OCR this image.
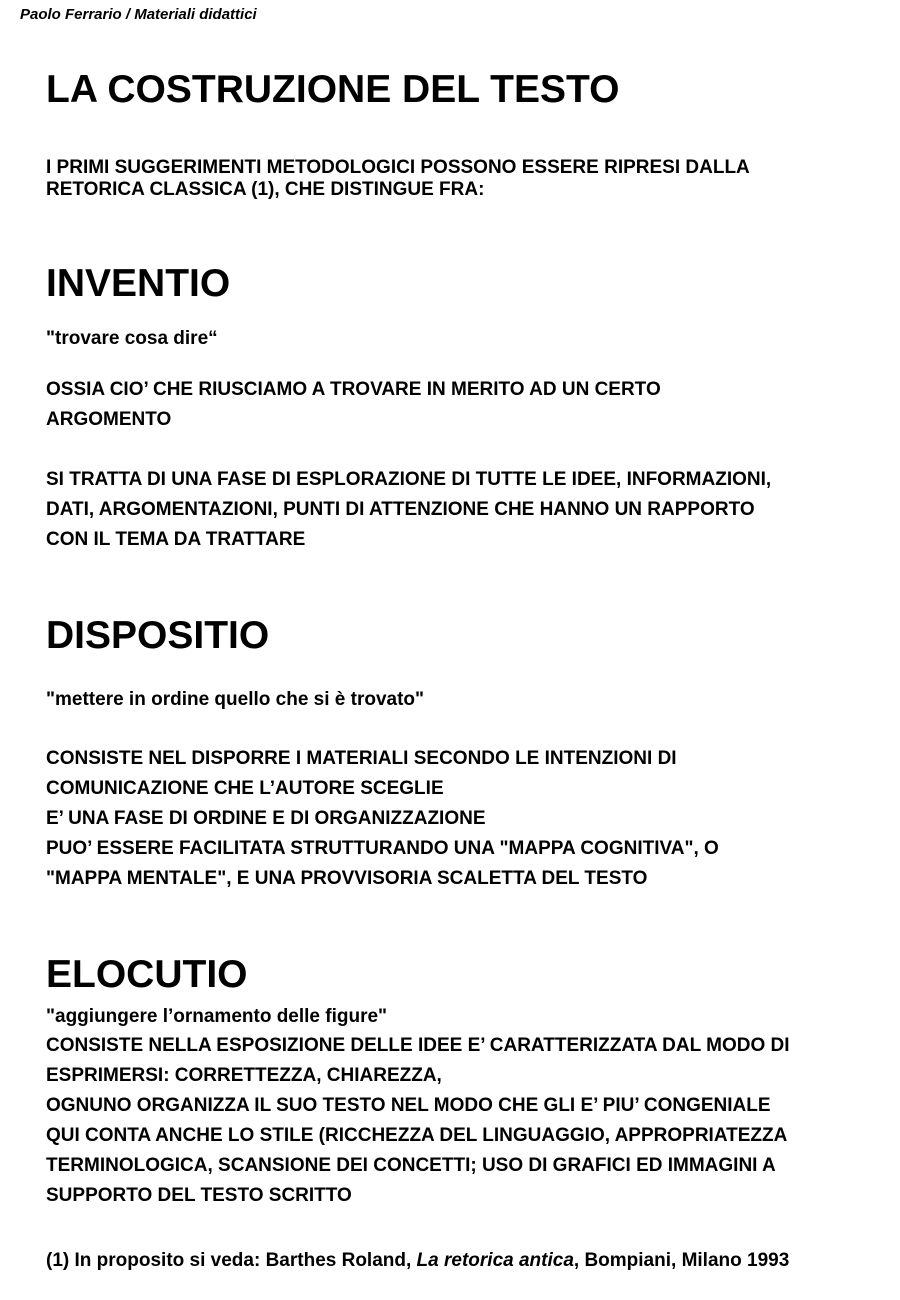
Paolo Ferrario / Materiali didattici
LA COSTRUZIONE DEL TESTO
I PRIMI SUGGERIMENTI METODOLOGICI POSSONO ESSERE RIPRESI DALLA
RETORICA CLASSICA (1), CHE DISTINGUE FRA:
INVENTIO
"trovare cosa dire“
OSSIA CIO’ CHE RIUSCIAMO A TROVARE IN MERITO AD UN CERTO
ARGOMENTO
SI TRATTA DI UNA FASE DI ESPLORAZIONE DI TUTTE LE IDEE, INFORMAZIONI,
DATI, ARGOMENTAZIONI, PUNTI DI ATTENZIONE CHE HANNO UN RAPPORTO
CON IL TEMA DA TRATTARE
DISPOSITIO
"mettere in ordine quello che si è trovato"
CONSISTE NEL DISPORRE I MATERIALI SECONDO LE INTENZIONI DI
COMUNICAZIONE CHE L’AUTORE SCEGLIE
E’ UNA FASE DI ORDINE E DI ORGANIZZAZIONE
PUO’ ESSERE FACILITATA STRUTTURANDO UNA "MAPPA COGNITIVA", O
"MAPPA MENTALE", E UNA PROVVISORIA SCALETTA DEL TESTO
ELOCUTIO
"aggiungere l’ornamento delle figure"
CONSISTE NELLA ESPOSIZIONE DELLE IDEE E’ CARATTERIZZATA DAL MODO DI
ESPRIMERSI: CORRETTEZZA, CHIAREZZA,
OGNUNO ORGANIZZA IL SUO TESTO NEL MODO CHE GLI E’ PIU’ CONGENIALE
QUI CONTA ANCHE LO STILE (RICCHEZZA DEL LINGUAGGIO, APPROPRIATEZZA
TERMINOLOGICA, SCANSIONE DEI CONCETTI; USO DI GRAFICI ED IMMAGINI A
SUPPORTO DEL TESTO SCRITTO
(1) In proposito si veda: Barthes Roland, La retorica antica, Bompiani, Milano 1993
